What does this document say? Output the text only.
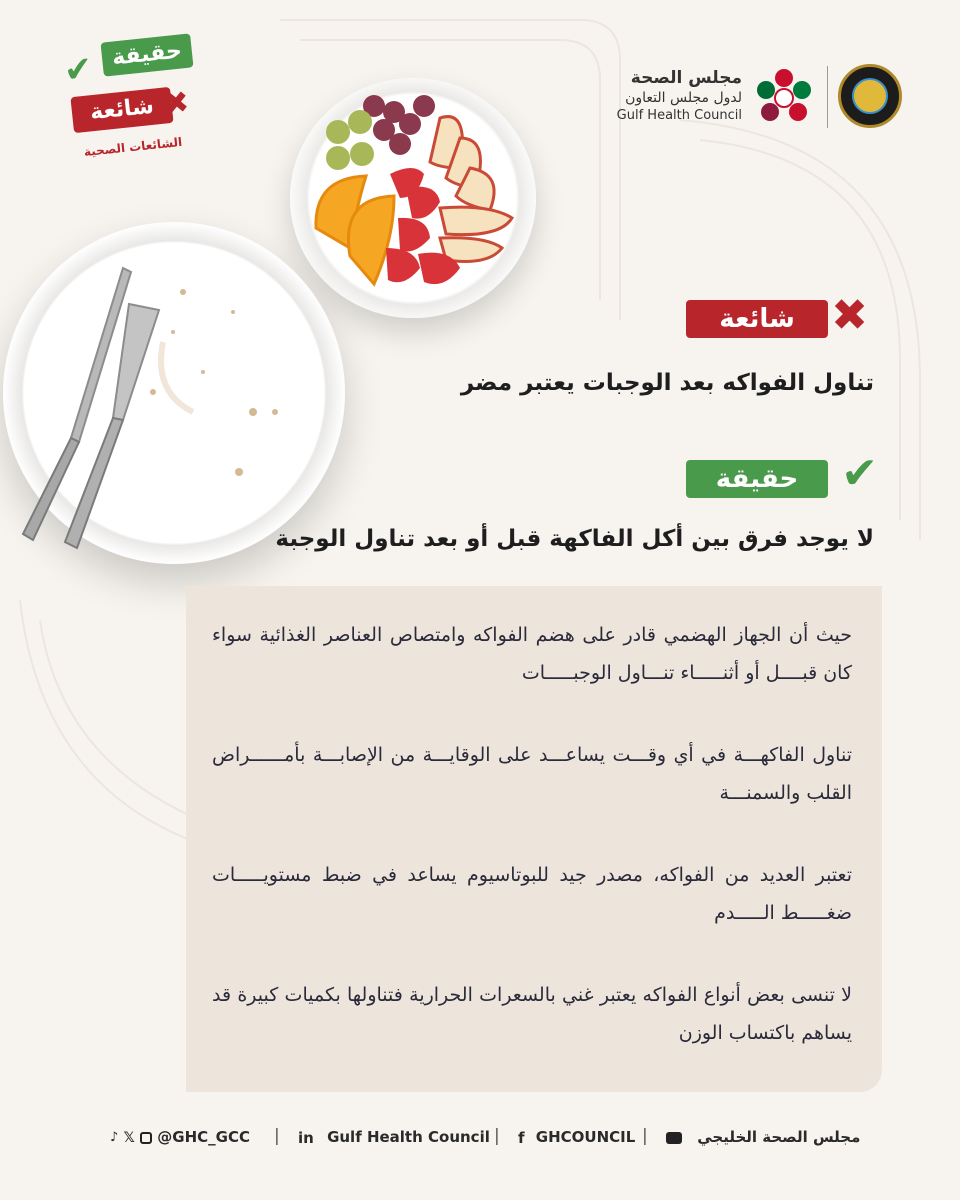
حقيقة
✔
شائعة ✖
الشائعات الصحية
مجلس الصحة
لدول مجلس التعاون
Gulf Health Council
شائعة ✖
تناول الفواكه بعد الوجبات يعتبر مضر
حقيقة ✔
لا يوجد فرق بين أكل الفاكهة قبل أو بعد تناول الوجبة
حيث أن الجهاز الهضمي قادر على هضم الفواكه وامتصاص العناصر الغذائية سواء كان قبــــل أو أثنـــــاء تنـــاول الوجبـــــات
تناول الفاكهـــة في أي وقـــت يساعـــد على الوقايـــة من الإصابـــة بأمــــــراض القلب والسمنـــة
تعتبر العديد من الفواكه، مصدر جيد للبوتاسيوم يساعد في ضبط مستويـــــات ضغـــــط الـــــدم
لا تنسى بعض أنواع الفواكه يعتبر غني بالسعرات الحرارية فتناولها بكميات كبيرة قد يساهم باكتساب الوزن
♪ 𝕏 @GHC_GCC | in Gulf Health Council | f GHCOUNCIL |	مجلس الصحة الخليجي
